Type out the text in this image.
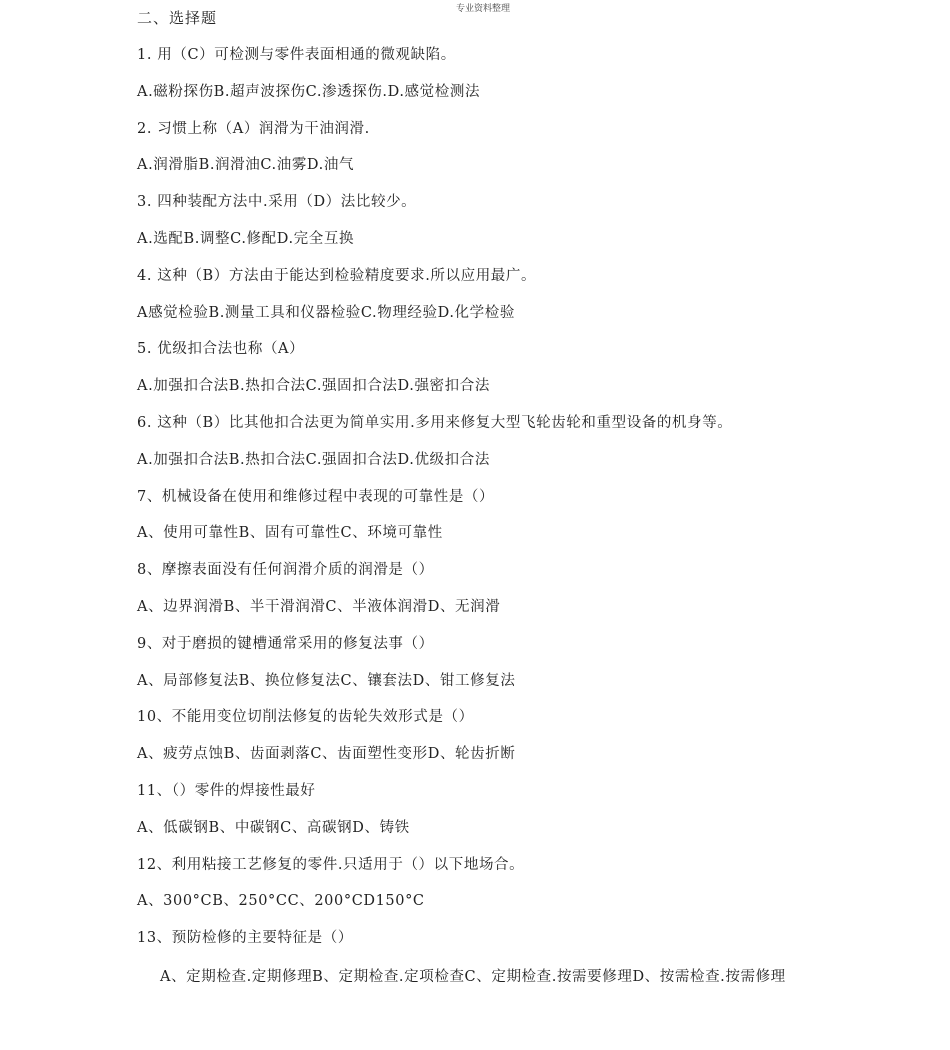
专业资料整理
二、选择题
1. 用（C）可检测与零件表面相通的微观缺陷。
A.磁粉探伤B.超声波探伤C.渗透探伤.D.感觉检测法
2. 习惯上称（A）润滑为干油润滑.
A.润滑脂B.润滑油C.油雾D.油气
3. 四种装配方法中.采用（D）法比较少。
A.选配B.调整C.修配D.完全互换
4. 这种（B）方法由于能达到检验精度要求.所以应用最广。
A感觉检验B.测量工具和仪器检验C.物理经验D.化学检验
5. 优级扣合法也称（A）
A.加强扣合法B.热扣合法C.强固扣合法D.强密扣合法
6. 这种（B）比其他扣合法更为简单实用.多用来修复大型飞轮齿轮和重型设备的机身等。
A.加强扣合法B.热扣合法C.强固扣合法D.优级扣合法
7、机械设备在使用和维修过程中表现的可靠性是（）
A、使用可靠性B、固有可靠性C、环境可靠性
8、摩擦表面没有任何润滑介质的润滑是（）
A、边界润滑B、半干滑润滑C、半液体润滑D、无润滑
9、对于磨损的键槽通常采用的修复法事（）
A、局部修复法B、换位修复法C、镶套法D、钳工修复法
10、不能用变位切削法修复的齿轮失效形式是（）
A、疲劳点蚀B、齿面剥落C、齿面塑性变形D、轮齿折断
11、（）零件的焊接性最好
A、低碳钢B、中碳钢C、高碳钢D、铸铁
12、利用粘接工艺修复的零件.只适用于（）以下地场合。
A、300°CB、250°CC、200°CD150°C
13、预防检修的主要特征是（）
A、定期检查.定期修理B、定期检查.定项检查C、定期检查.按需要修理D、按需检查.按需修理
